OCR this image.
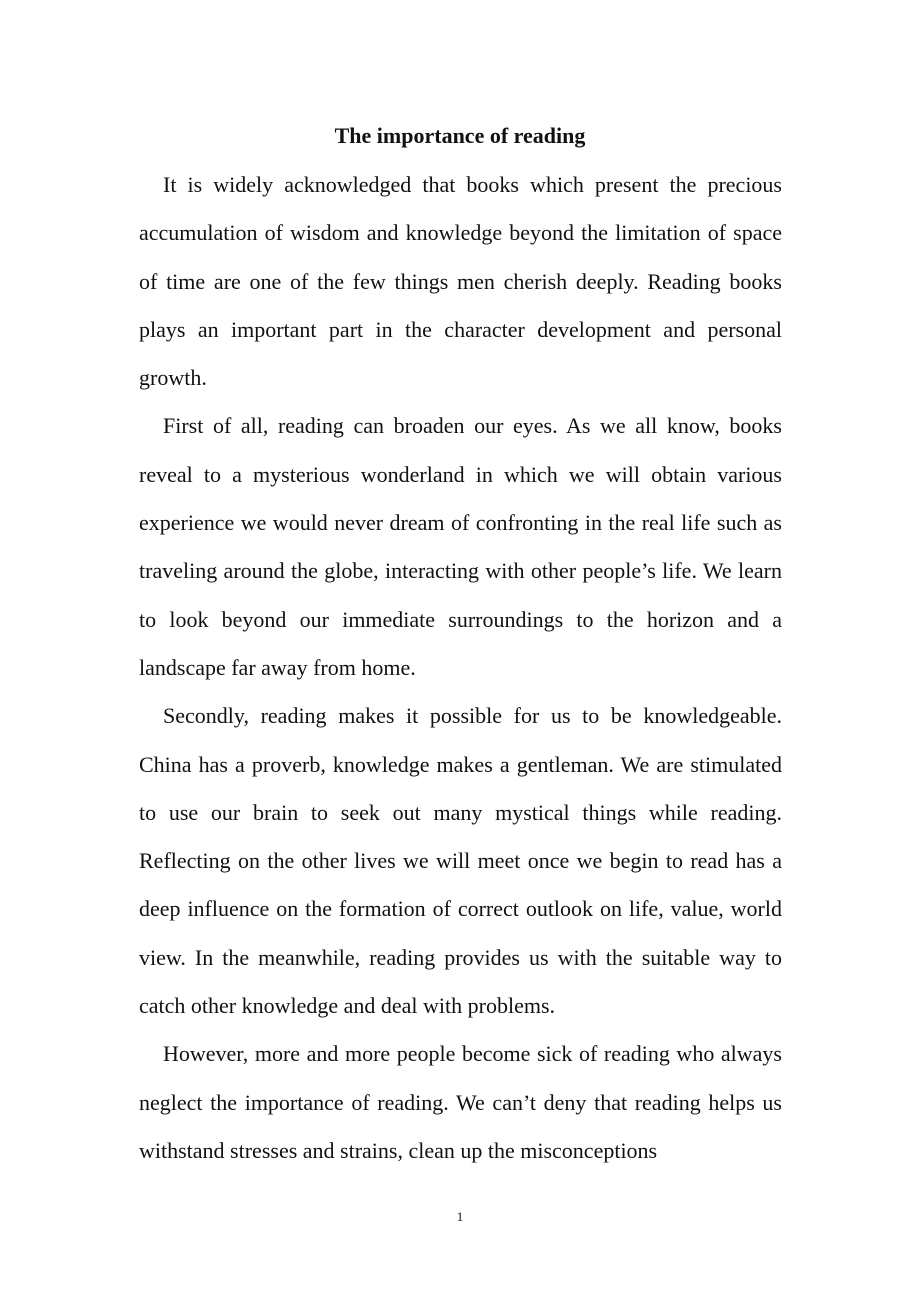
The importance of reading

It is widely acknowledged that books which present the precious accumulation of wisdom and knowledge beyond the limitation of space of time are one of the few things men cherish deeply. Reading books plays an important part in the character development and personal growth.

First of all, reading can broaden our eyes. As we all know, books reveal to a mysterious wonderland in which we will obtain various experience we would never dream of confronting in the real life such as traveling around the globe, interacting with other people’s life. We learn to look beyond our immediate surroundings to the horizon and a landscape far away from home.

Secondly, reading makes it possible for us to be knowledgeable. China has a proverb, knowledge makes a gentleman. We are stimulated to use our brain to seek out many mystical things while reading. Reflecting on the other lives we will meet once we begin to read has a deep influence on the formation of correct outlook on life, value, world view. In the meanwhile, reading provides us with the suitable way to catch other knowledge and deal with problems.

However, more and more people become sick of reading who always neglect the importance of reading. We can’t deny that reading helps us withstand stresses and strains, clean up the misconceptions

1
